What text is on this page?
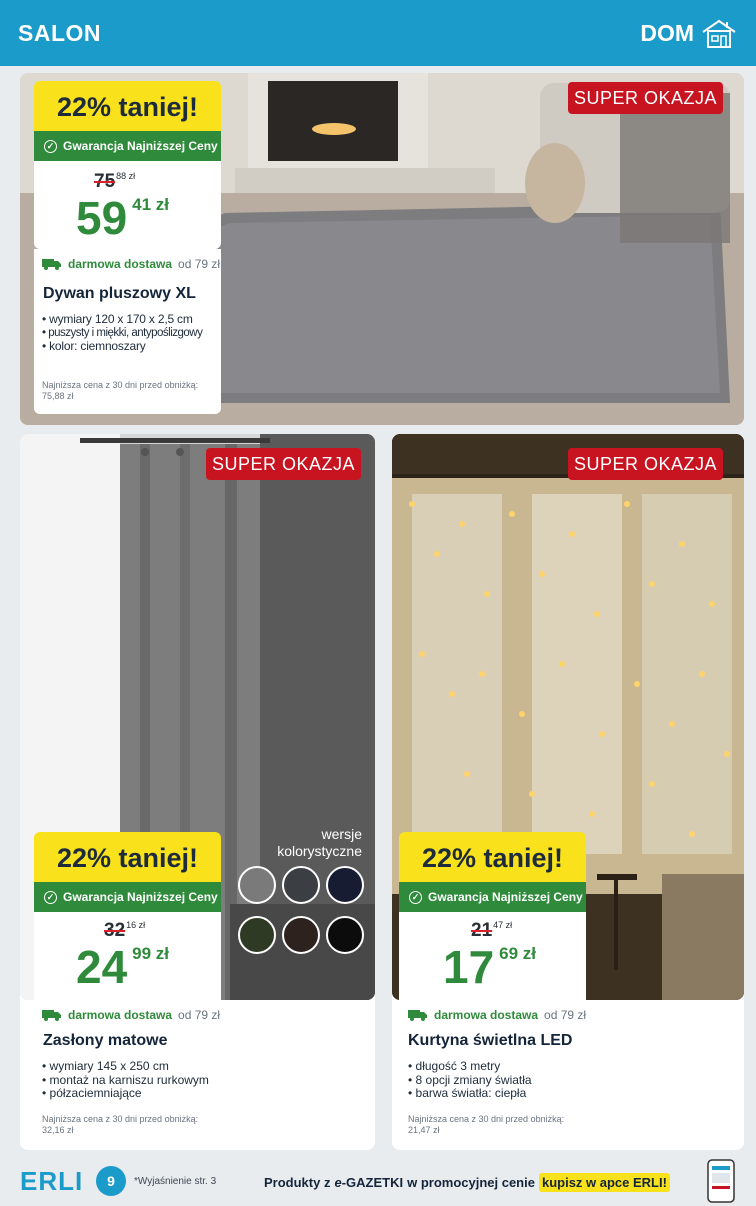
SALON	DOM
SUPER OKAZJA
22% taniej!
✓ Gwarancja Najniższej Ceny
$75^{88 zł}$
59 41 zł
darmowa dostawa od 79 zł
Dywan pluszowy XL
• wymiary 120 x 170 x 2,5 cm
• puszysty i miękki, antypoślizgowy
• kolor: ciemnoszary
Najniższa cena z 30 dni przed obniżką:
75,88 zł
SUPER OKAZJA
wersje
kolorystyczne
22% taniej!
✓ Gwarancja Najniższej Ceny
$32^{16 zł}$
24 99 zł
darmowa dostawa od 79 zł
Zasłony matowe
• wymiary 145 x 250 cm
• montaż na karniszu rurkowym
• półzaciemniające
Najniższa cena z 30 dni przed obniżką:
32,16 zł
SUPER OKAZJA
22% taniej!
✓ Gwarancja Najniższej Ceny
$21^{47 zł}$
17 69 zł
darmowa dostawa od 79 zł
Kurtyna świetlna LED
• długość 3 metry
• 8 opcji zmiany światła
• barwa światła: ciepła
Najniższa cena z 30 dni przed obniżką:
21,47 zł
ERLI	9	*Wyjaśnienie str. 3	Produkty z e-GAZETKI w promocyjnej cenie kupisz w apce ERLI!
